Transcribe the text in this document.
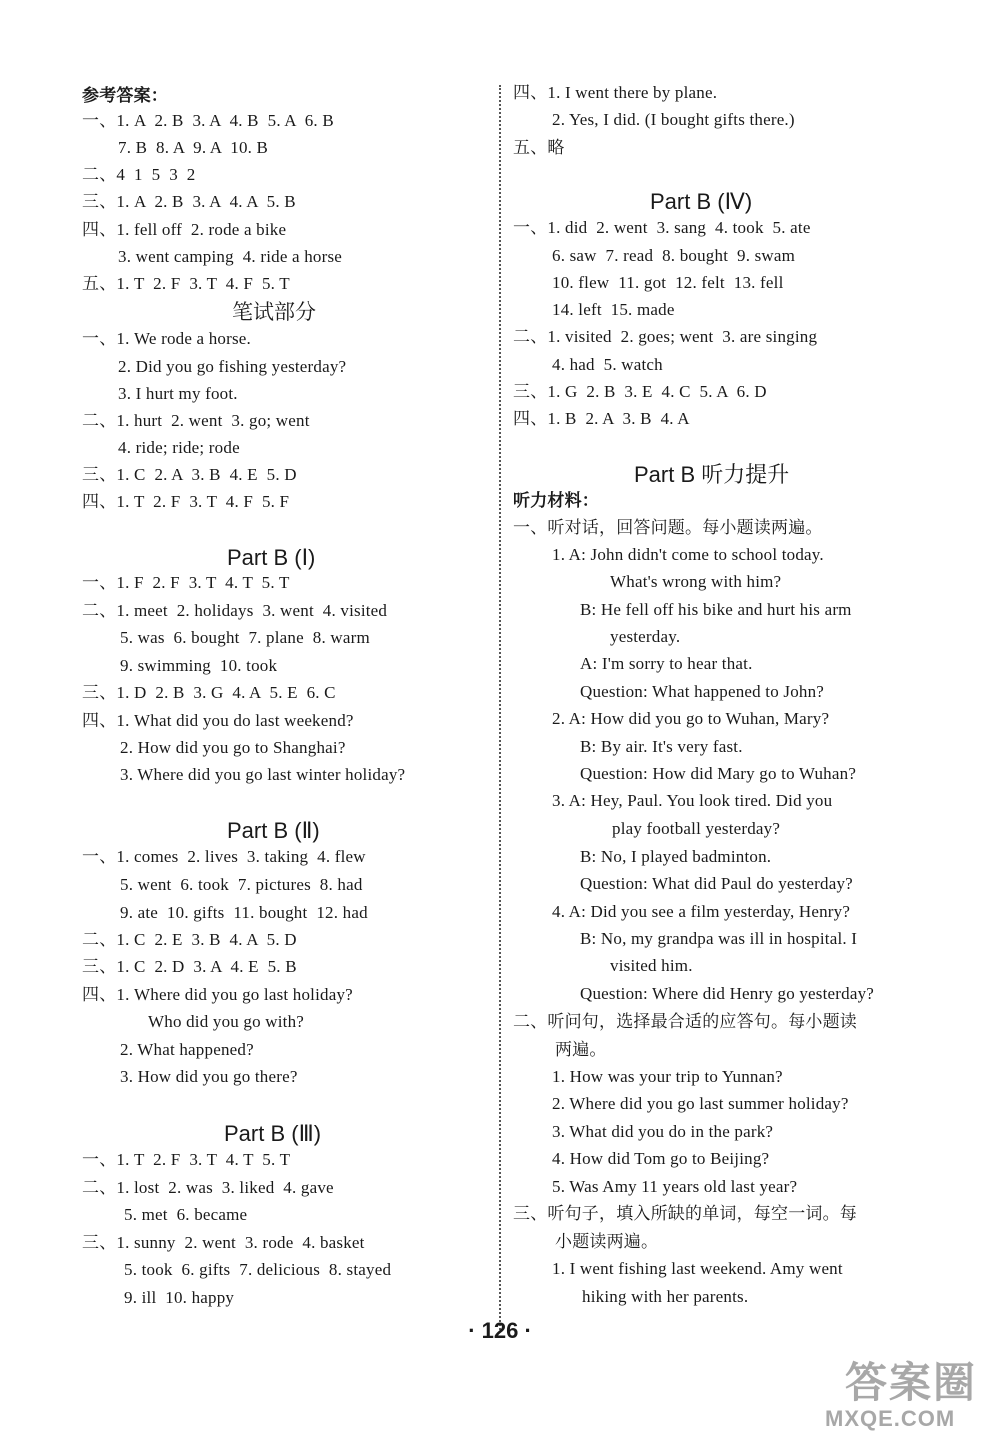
参考答案：
一、1. A  2. B  3. A  4. B  5. A  6. B
7. B  8. A  9. A  10. B
二、4  1  5  3  2
三、1. A  2. B  3. A  4. A  5. B
四、1. fell off  2. rode a bike
3. went camping  4. ride a horse
五、1. T  2. F  3. T  4. F  5. T
笔试部分
一、1. We rode a horse.
2. Did you go fishing yesterday?
3. I hurt my foot.
二、1. hurt  2. went  3. go; went
4. ride; ride; rode
三、1. C  2. A  3. B  4. E  5. D
四、1. T  2. F  3. T  4. F  5. F
Part B (Ⅰ)
一、1. F  2. F  3. T  4. T  5. T
二、1. meet  2. holidays  3. went  4. visited
5. was  6. bought  7. plane  8. warm
9. swimming  10. took
三、1. D  2. B  3. G  4. A  5. E  6. C
四、1. What did you do last weekend?
2. How did you go to Shanghai?
3. Where did you go last winter holiday?
Part B (Ⅱ)
一、1. comes  2. lives  3. taking  4. flew
5. went  6. took  7. pictures  8. had
9. ate  10. gifts  11. bought  12. had
二、1. C  2. E  3. B  4. A  5. D
三、1. C  2. D  3. A  4. E  5. B
四、1. Where did you go last holiday?
Who did you go with?
2. What happened?
3. How did you go there?
Part B (Ⅲ)
一、1. T  2. F  3. T  4. T  5. T
二、1. lost  2. was  3. liked  4. gave
5. met  6. became
三、1. sunny  2. went  3. rode  4. basket
5. took  6. gifts  7. delicious  8. stayed
9. ill  10. happy
四、1. I went there by plane.
2. Yes, I did. (I bought gifts there.)
五、略
Part B (Ⅳ)
一、1. did  2. went  3. sang  4. took  5. ate
6. saw  7. read  8. bought  9. swam
10. flew  11. got  12. felt  13. fell
14. left  15. made
二、1. visited  2. goes; went  3. are singing
4. had  5. watch
三、1. G  2. B  3. E  4. C  5. A  6. D
四、1. B  2. A  3. B  4. A
Part B 听力提升
听力材料：
一、听对话，回答问题。每小题读两遍。
1. A: John didn't come to school today.
What's wrong with him?
B: He fell off his bike and hurt his arm
yesterday.
A: I'm sorry to hear that.
Question: What happened to John?
2. A: How did you go to Wuhan, Mary?
B: By air. It's very fast.
Question: How did Mary go to Wuhan?
3. A: Hey, Paul. You look tired. Did you
play football yesterday?
B: No, I played badminton.
Question: What did Paul do yesterday?
4. A: Did you see a film yesterday, Henry?
B: No, my grandpa was ill in hospital. I
visited him.
Question: Where did Henry go yesterday?
二、听问句，选择最合适的应答句。每小题读
两遍。
1. How was your trip to Yunnan?
2. Where did you go last summer holiday?
3. What did you do in the park?
4. How did Tom go to Beijing?
5. Was Amy 11 years old last year?
三、听句子，填入所缺的单词，每空一词。每
小题读两遍。
1. I went fishing last weekend. Amy went
hiking with her parents.
· 126 ·
答案圈
MXQE.COM
